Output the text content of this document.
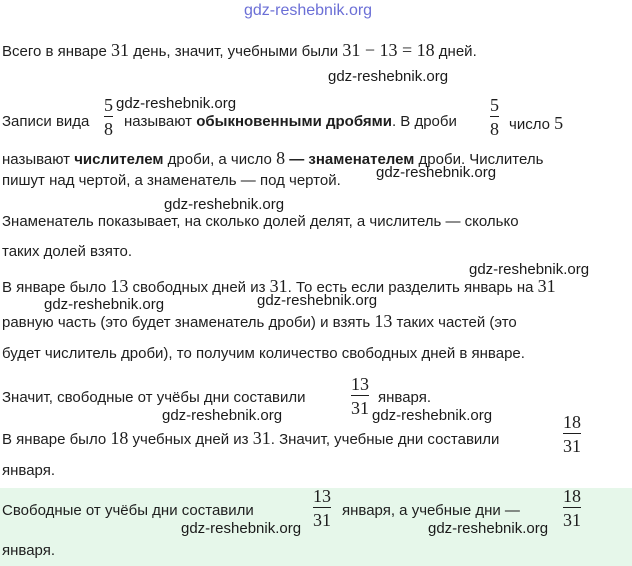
gdz-reshebnik.org
Всего в январе 31 день, значит, учебными были 31 − 13 = 18 дней.
gdz-reshebnik.org
Записи вида
5
8
gdz-reshebnik.org
называют обыкновенными дробями. В дроби
5
8 число 5
называют числителем дроби, а число 8 — знаменателем дроби. Числитель
пишут над чертой, а знаменатель — под чертой. gdz-reshebnik.org
gdz-reshebnik.org
Знаменатель показывает, на сколько долей делят, а числитель — сколько
таких долей взято.
gdz-reshebnik.org
В январе было 13 свободных дней из 31. То есть если разделить январь на 31
gdz-reshebnik.org
gdz-reshebnik.org
равную часть (это будет знаменатель дроби) и взять 13 таких частей (это
будет числитель дроби), то получим количество свободных дней в январе.
Значит, свободные от учёбы дни составили
13
31
января.
gdz-reshebnik.org	gdz-reshebnik.org
В январе было 18 учебных дней из 31. Значит, учебные дни составили
18
31
января.
Свободные от учёбы дни составили
13
31 января, а учебные дни —
18
31
gdz-reshebnik.org	gdz-reshebnik.org
января.
